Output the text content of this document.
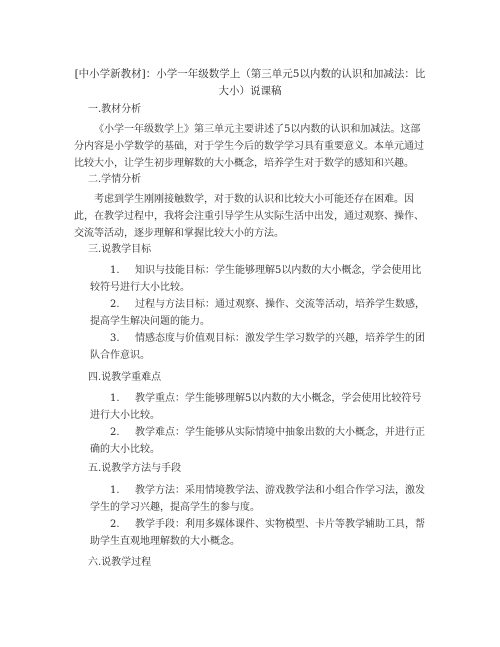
[中小学新教材]：小学一年级数学上（第三单元5以内数的认识和加减法：比大小）说课稿
一.教材分析
《小学一年级数学上》第三单元主要讲述了5以内数的认识和加减法。这部分内容是小学数学的基础，对于学生今后的数学学习具有重要意义。本单元通过比较大小，让学生初步理解数的大小概念，培养学生对于数学的感知和兴趣。
二.学情分析
考虑到学生刚刚接触数学，对于数的认识和比较大小可能还存在困难。因此，在教学过程中，我将会注重引导学生从实际生活中出发，通过观察、操作、交流等活动，逐步理解和掌握比较大小的方法。
三.说教学目标
1. 知识与技能目标：学生能够理解5以内数的大小概念，学会使用比较符号进行大小比较。
2. 过程与方法目标：通过观察、操作、交流等活动，培养学生数感，提高学生解决问题的能力。
3. 情感态度与价值观目标：激发学生学习数学的兴趣，培养学生的团队合作意识。
四.说教学重难点
1. 教学重点：学生能够理解5以内数的大小概念，学会使用比较符号进行大小比较。
2. 教学难点：学生能够从实际情境中抽象出数的大小概念，并进行正确的大小比较。
五.说教学方法与手段
1. 教学方法：采用情境教学法、游戏教学法和小组合作学习法，激发学生的学习兴趣，提高学生的参与度。
2. 教学手段：利用多媒体课件、实物模型、卡片等教学辅助工具，帮助学生直观地理解数的大小概念。
六.说教学过程
